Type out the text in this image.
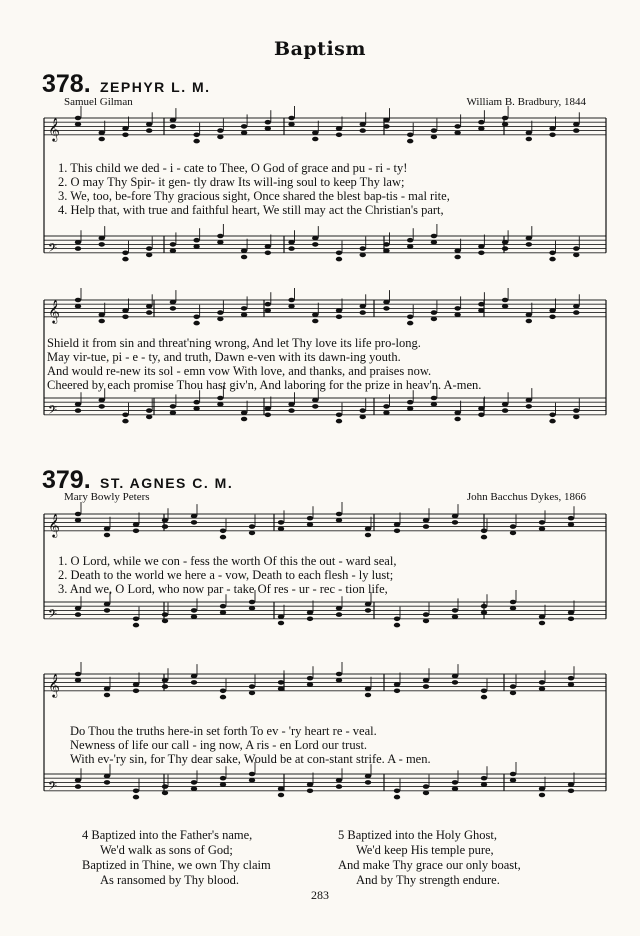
Baptism
378. ZEPHYR L. M.
Samuel Gilman	William B. Bradbury, 1844
𝄞
𝄢
1. This child we ded - i - cate to Thee, O God of grace and pu - ri - ty!
2. O may Thy Spir- it gen- tly draw Its will-ing soul to keep Thy law;
3. We, too, be-fore Thy gracious sight, Once shared the blest bap-tis - mal rite,
4. Help that, with true and faithful heart, We still may act the Christian's part,
𝄞
𝄢
Shield it from sin and threat'ning wrong, And let Thy love its life pro-long.
May vir-tue, pi - e - ty, and truth, Dawn e-ven with its dawn-ing youth.
And would re-new its sol - emn vow With love, and thanks, and praises now.
Cheered by each promise Thou hast giv'n, And laboring for the prize in heav'n. A-men.
379. ST. AGNES C. M.
Mary Bowly Peters	John Bacchus Dykes, 1866
𝄞
𝄢
1. O Lord, while we con - fess the worth Of this the out - ward seal,
2. Death to the world we here a - vow, Death to each flesh - ly lust;
3. And we, O Lord, who now par - take Of res - ur - rec - tion life,
𝄞
𝄢
Do Thou the truths here-in set forth To ev - 'ry heart re - veal.
Newness of life our call - ing now, A ris - en Lord our trust.
With ev-'ry sin, for Thy dear sake, Would be at con-stant strife. A - men.
4 Baptized into the Father's name,
We'd walk as sons of God;
Baptized in Thine, we own Thy claim
As ransomed by Thy blood.
5 Baptized into the Holy Ghost,
We'd keep His temple pure,
And make Thy grace our only boast,
And by Thy strength endure.
283
